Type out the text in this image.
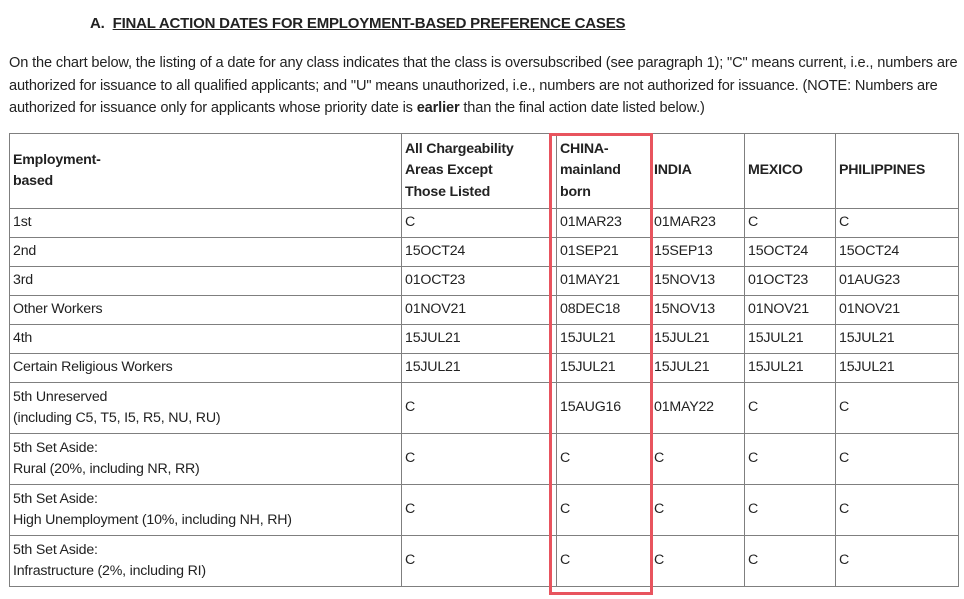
A. FINAL ACTION DATES FOR EMPLOYMENT-BASED PREFERENCE CASES

On the chart below, the listing of a date for any class indicates that the class is oversubscribed (see paragraph 1); "C" means current, i.e., numbers are authorized for issuance to all qualified applicants; and "U" means unauthorized, i.e., numbers are not authorized for issuance. (NOTE: Numbers are authorized for issuance only for applicants whose priority date is earlier than the final action date listed below.)

Employment-
based	All Chargeability
Areas Except
Those Listed	CHINA-
mainland
born	INDIA	MEXICO	PHILIPPINES
1st	C	01MAR23	01MAR23	C	C
2nd	15OCT24	01SEP21	15SEP13	15OCT24	15OCT24
3rd	01OCT23	01MAY21	15NOV13	01OCT23	01AUG23
Other Workers	01NOV21	08DEC18	15NOV13	01NOV21	01NOV21
4th	15JUL21	15JUL21	15JUL21	15JUL21	15JUL21
Certain Religious Workers	15JUL21	15JUL21	15JUL21	15JUL21	15JUL21
5th Unreserved
(including C5, T5, I5, R5, NU, RU)	C	15AUG16	01MAY22	C	C
5th Set Aside:
Rural (20%, including NR, RR)	C	C	C	C	C
5th Set Aside:
High Unemployment (10%, including NH, RH)	C	C	C	C	C
5th Set Aside:
Infrastructure (2%, including RI)	C	C	C	C	C
